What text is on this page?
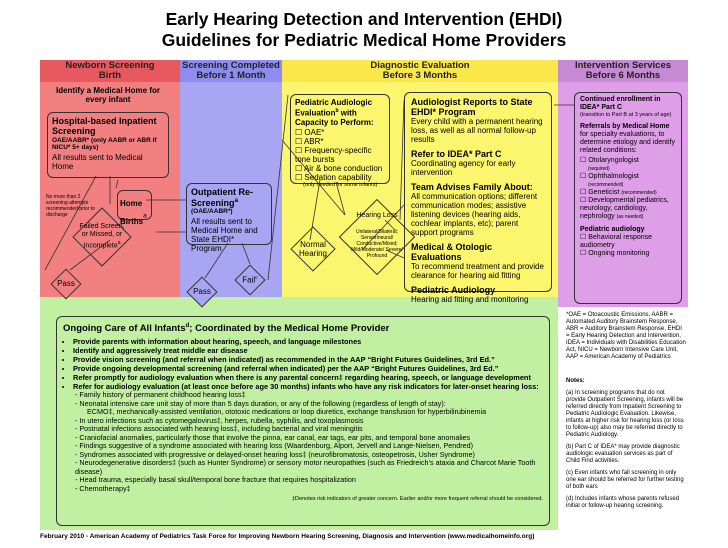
Early Hearing Detection and Intervention (EHDI)
Guidelines for Pediatric Medical Home Providers
Newborn Screening
Birth
Screening Completed
Before 1 Month
Diagnostic Evaluation
Before 3 Months
Intervention Services
Before 6 Months
Identify a Medical Home for every infant
Hospital-based Inpatient Screening
OAE/AABR* (only AABR or ABR if NICU* 5+ days)
All results sent to Medical Home
No more than 2 screening attempts recommended prior to discharge
Home Births$^a$
Failed Screen, or Missed, or Incomplete$^a$
Pass
Outpatient Re-Screening$^a$
(OAE/AABR*)
All results sent to Medical Home and State EHDI* Program
Pass
Fail$^c$
Pediatric Audiologic Evaluation$^b$ with Capacity to Perform:
☐ OAE*
☐ ABR*
☐ Frequency-specific tone bursts
☐ Air & bone conduction
☐ Sedation capability
(only needed for some infants)
Normal Hearing
Hearing Loss
Unilateral/Bilateral; Sensorineural/ Conductive/Mixed; Mild/Moderate/ Severe/ Profound
Audiologist Reports to State EHDI* Program
Every child with a permanent hearing loss, as well as all normal follow-up results
Refer to IDEA* Part C
Coordinating agency for early intervention
Team Advises Family About:
All communication options; different communication modes; assistive listening devices (hearing aids, cochlear implants, etc); parent support programs
Medical & Otologic Evaluations
To recommend treatment and provide clearance for hearing aid fitting
Pediatric Audiology
Hearing aid fitting and monitoring
Continued enrollment in IDEA* Part C
(transition to Part B at 3 years of age)
Referrals by Medical Home for specialty evaluations, to determine etiology and identify related conditions:
☐ Otolaryngologist
(required)
☐ Ophthalmologist
(recommended)
☐ Geneticist (recommended)
☐ Developmental pediatrics, neurology, cardiology, nephrology (as needed)
Pediatric audiology
☐ Behavioral response audiometry
☐ Ongoing monitoring
Ongoing Care of All Infants$^d$; Coordinated by the Medical Home Provider
• Provide parents with information about hearing, speech, and language milestones
• Identify and aggressively treat middle ear disease
• Provide vision screening (and referral when indicated) as recommended in the AAP “Bright Futures Guidelines, 3rd Ed.”
• Provide ongoing developmental screening (and referral when indicated) per the AAP “Bright Futures Guidelines, 3rd Ed.”
• Refer promptly for audiology evaluation when there is any parental concern‡ regarding hearing, speech, or language development
• Refer for audiology evaluation (at least once before age 30 months) infants who have any risk indicators for later-onset hearing loss:
- Family history of permanent childhood hearing loss‡
- Neonatal intensive care unit stay of more than 5 days duration, or any of the following (regardless of length of stay):
ECMO‡, mechanically-assisted ventilation, ototoxic medications or loop diuretics, exchange transfusion for hyperbilirubinemia
- In utero infections such as cytomegalovirus‡, herpes, rubella, syphilis, and toxoplasmosis
- Postnatal infections associated with hearing loss‡, including bacterial and viral meningitis
- Craniofacial anomalies, particularly those that involve the pinna, ear canal, ear tags, ear pits, and temporal bone anomalies
- Findings suggestive of a syndrome associated with hearing loss (Waardenburg, Alport, Jervell and Lange-Nielsen, Pendred)
- Syndromes associated with progressive or delayed-onset hearing loss‡ (neurofibromatosis, osteopetrosis, Usher Syndrome)
- Neurodegenerative disorders‡ (such as Hunter Syndrome) or sensory motor neuropathies (such as Friedreich’s ataxia and Charcot Marie Tooth disease)
- Head trauma, especially basal skull/temporal bone fracture that requires hospitalization
- Chemotherapy‡
‡Denotes risk indicators of greater concern. Earlier and/or more frequent referral should be considered.

*OAE = Otoacoustic Emissions, AABR = Automated Auditory Brainstem Response, ABR = Auditory Brainstem Response, EHDI = Early Hearing Detection and Intervention, IDEA = Individuals with Disabilities Education Act, NICU = Newborn Intensive Care Unit, AAP = American Academy of Pediatrics

Notes:

(a) In screening programs that do not provide Outpatient Screening, infants will be referred directly from Inpatient Screening to Pediatric Audiologic Evaluation. Likewise, infants at higher risk for hearing loss (or loss to follow-up) also may be referred directly to Pediatric Audiology.

(b) Part C of IDEA* may provide diagnostic audiologic evaluation services as part of Child Find activities.

(c) Even infants who fail screening in only one ear should be referred for further testing of both ears

(d) Includes infants whose parents refused initial or follow-up hearing screening.

February 2010 - American Academy of Pediatrics Task Force for Improving Newborn Hearing Screening, Diagnosis and Intervention (www.medicalhomeinfo.org)
